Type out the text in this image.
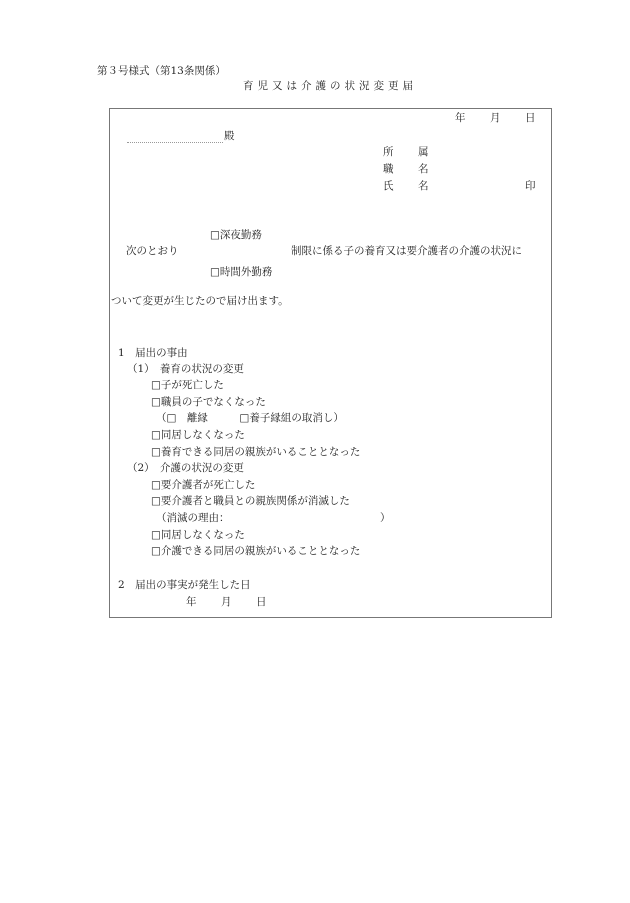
第３号様式（第13条関係）
育児又は介護の状況変更届
年 月 日
殿
所 属
職 名
氏 名	印
□深夜勤務
次のとおり	制限に係る子の養育又は要介護者の介護の状況に
□時間外勤務
ついて変更が生じたので届け出ます。
1　届出の事由
（1）　養育の状況の変更
□子が死亡した
□職員の子でなくなった
（□　離縁　　　□養子縁組の取消し）
□同居しなくなった
□養育できる同居の親族がいることとなった
（2）　介護の状況の変更
□要介護者が死亡した
□要介護者と職員との親族関係が消滅した
（消滅の理由：	）
□同居しなくなった
□介護できる同居の親族がいることとなった
2　届出の事実が発生した日
年 月 日
